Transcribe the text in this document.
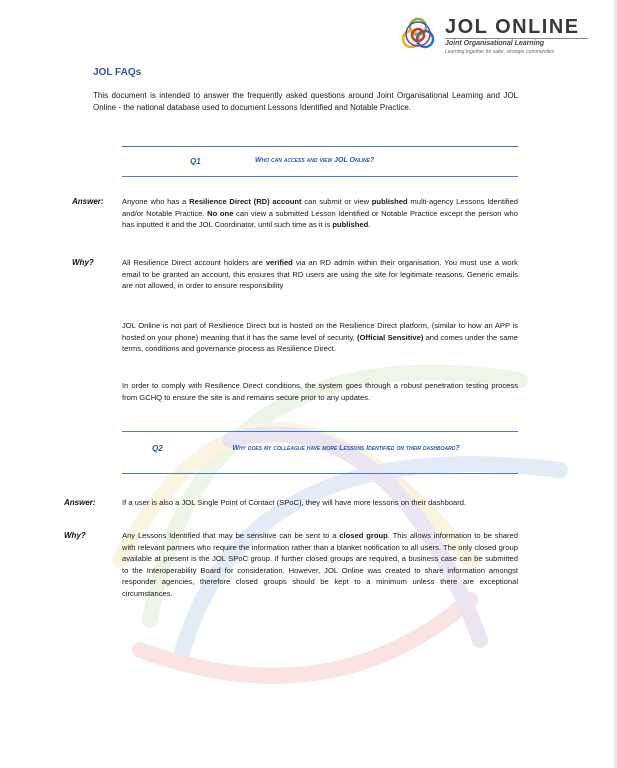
JOL ONLINE
Joint Organisational Learning
Learning together for safer, stronger communities
JOL FAQs
This document is intended to answer the frequently asked questions around Joint Organisational Learning and JOL Online - the national database used to document Lessons Identified and Notable Practice.
Q1	Who can access and view JOL Online?
Answer: Anyone who has a Resilience Direct (RD) account can submit or view published multi-agency Lessons Identified and/or Notable Practice. No one can view a submitted Lesson Identified or Notable Practice except the person who has inputted it and the JOL Coordinator, until such time as it is published.
Why?	All Resilience Direct account holders are verified via an RD admin within their organisation. You must use a work email to be granted an account, this ensures that RD users are using the site for legitimate reasons. Generic emails are not allowed, in order to ensure responsibility
JOL Online is not part of Resilience Direct but is hosted on the Resilience Direct platform, (similar to how an APP is hosted on your phone) meaning that it has the same level of security, (Official Sensitive) and comes under the same terms, conditions and governance process as Resilience Direct.
In order to comply with Resilience Direct conditions, the system goes through a robust penetration testing process from GCHQ to ensure the site is and remains secure prior to any updates.
Q2	Why does my colleague have more Lessons Identified on their dashboard?
Answer:	If a user is also a JOL Single Point of Contact (SPoC), they will have more lessons on their dashboard.
Why?	Any Lessons Identified that may be sensitive can be sent to a closed group. This allows information to be shared with relevant partners who require the information rather than a blanket notification to all users. The only closed group available at present is the JOL SPoC group. If further closed groups are required, a business case can be submitted to the Interoperability Board for consideration. However, JOL Online was created to share information amongst responder agencies, therefore closed groups should be kept to a minimum unless there are exceptional circumstances.
